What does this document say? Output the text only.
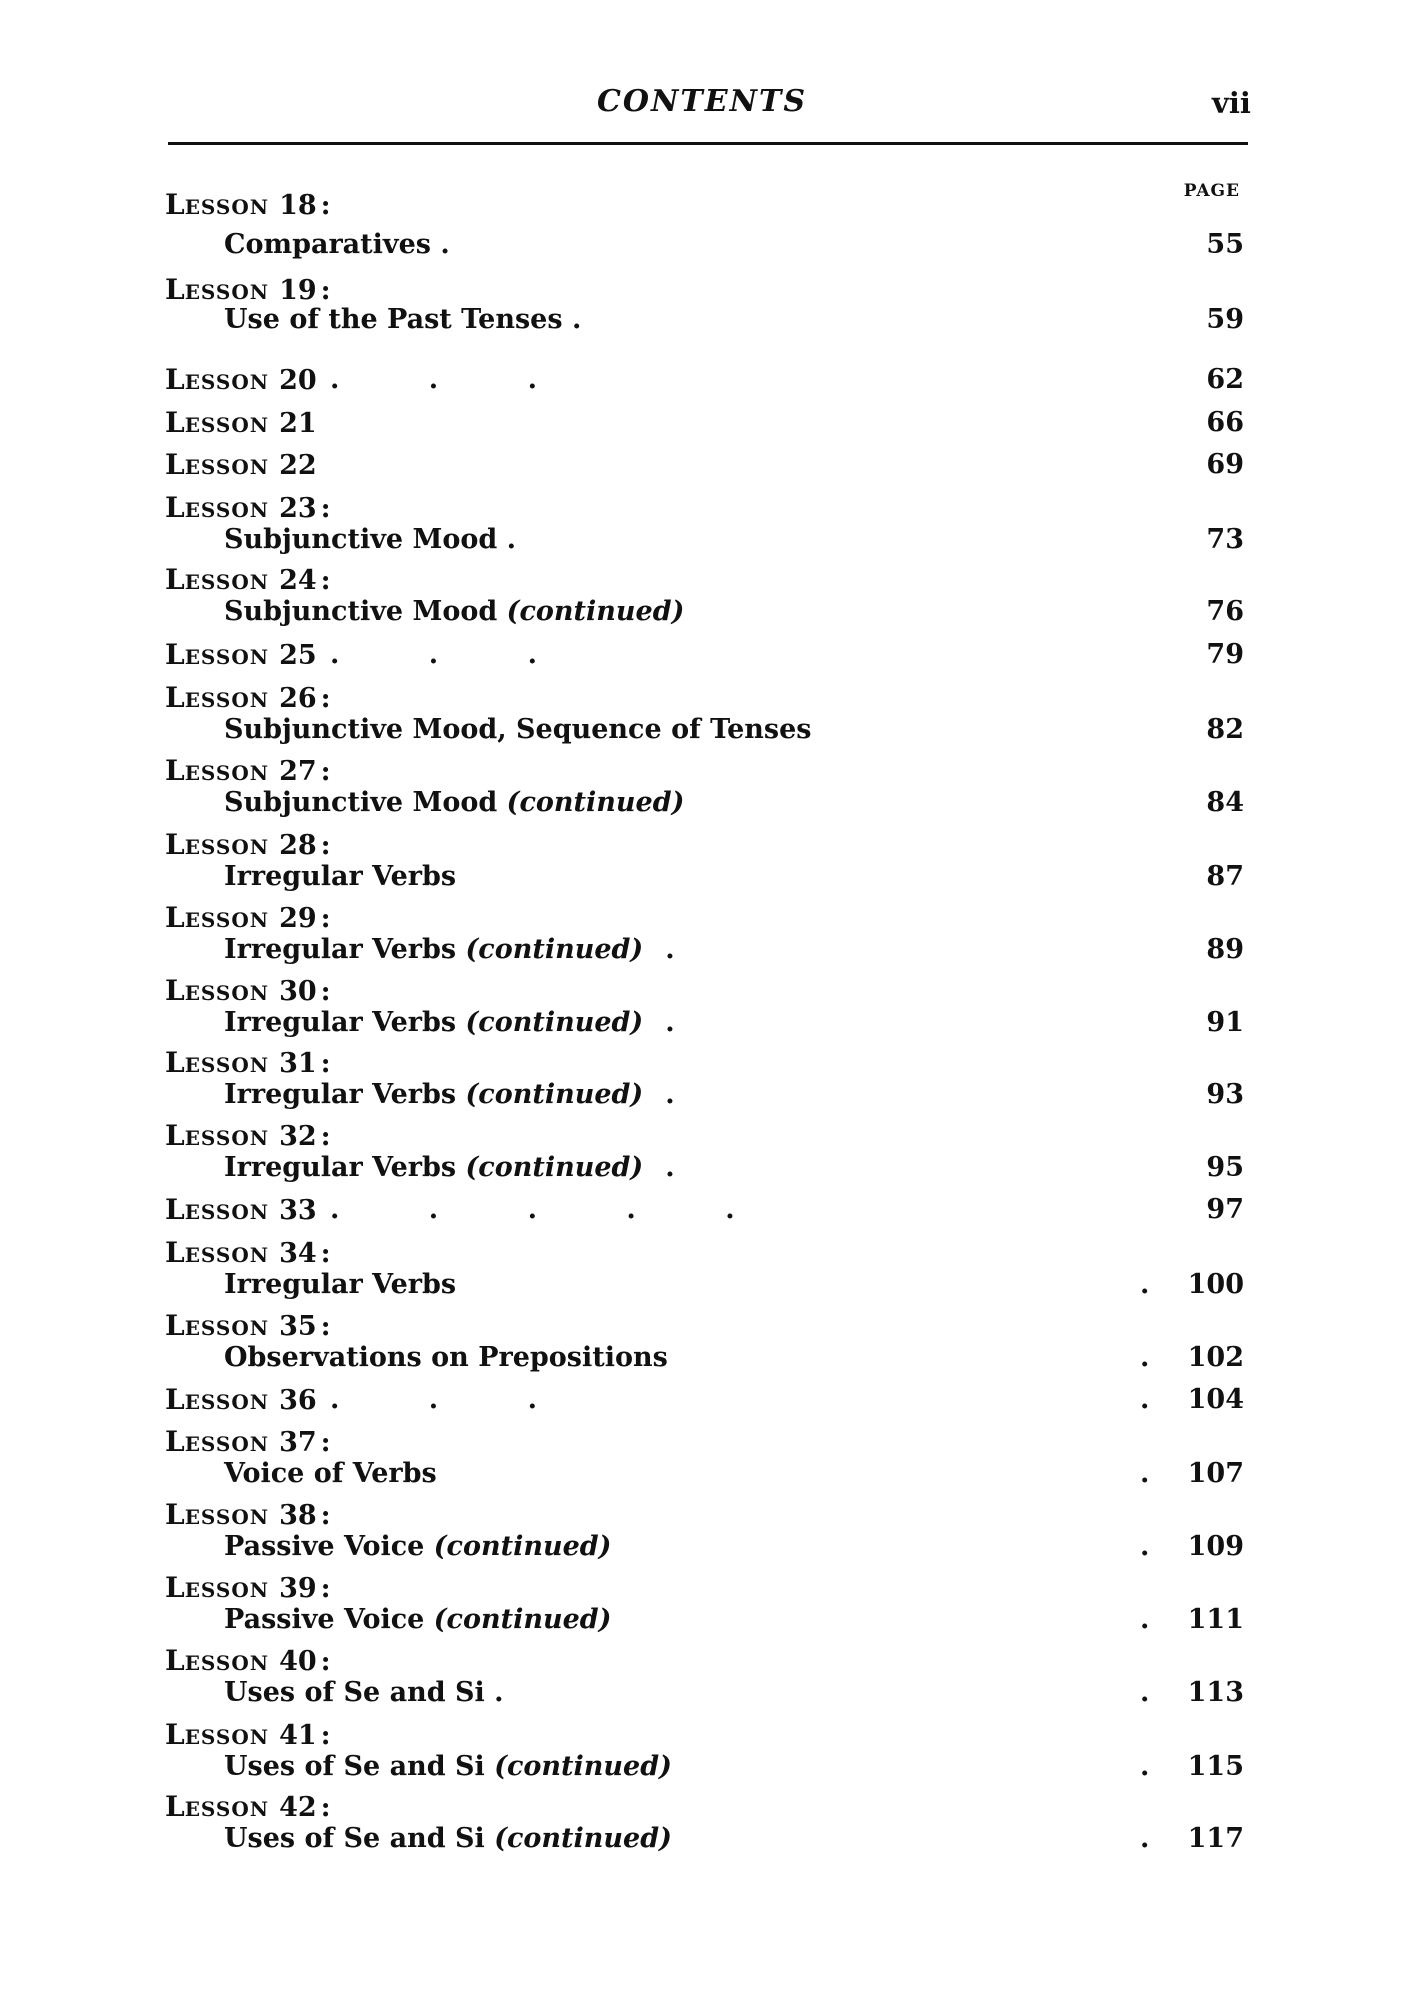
CONTENTS	vii
PAGE
LESSON 18 :
Comparatives .	55
LESSON 19 :
Use of the Past Tenses .	59
LESSON 20 . . .	62
LESSON 21	66
LESSON 22	69
LESSON 23 :
Subjunctive Mood .	73
LESSON 24 :
Subjunctive Mood (continued)	76
LESSON 25 . . .	79
LESSON 26 :
Subjunctive Mood, Sequence of Tenses	82
LESSON 27 :
Subjunctive Mood (continued)	84
LESSON 28 :
Irregular Verbs	87
LESSON 29 :
Irregular Verbs (continued) .	89
LESSON 30 :
Irregular Verbs (continued) .	91
LESSON 31 :
Irregular Verbs (continued) .	93
LESSON 32 :
Irregular Verbs (continued) .	95
LESSON 33 . . . . .	97
LESSON 34 :
Irregular Verbs	.	100
LESSON 35 :
Observations on Prepositions	.	102
LESSON 36 . . .	.	104
LESSON 37 :
Voice of Verbs	.	107
LESSON 38 :
Passive Voice (continued)	.	109
LESSON 39 :
Passive Voice (continued)	.	111
LESSON 40 :
Uses of Se and Si .	.	113
LESSON 41 :
Uses of Se and Si (continued)	.	115
LESSON 42 :
Uses of Se and Si (continued)	.	117
